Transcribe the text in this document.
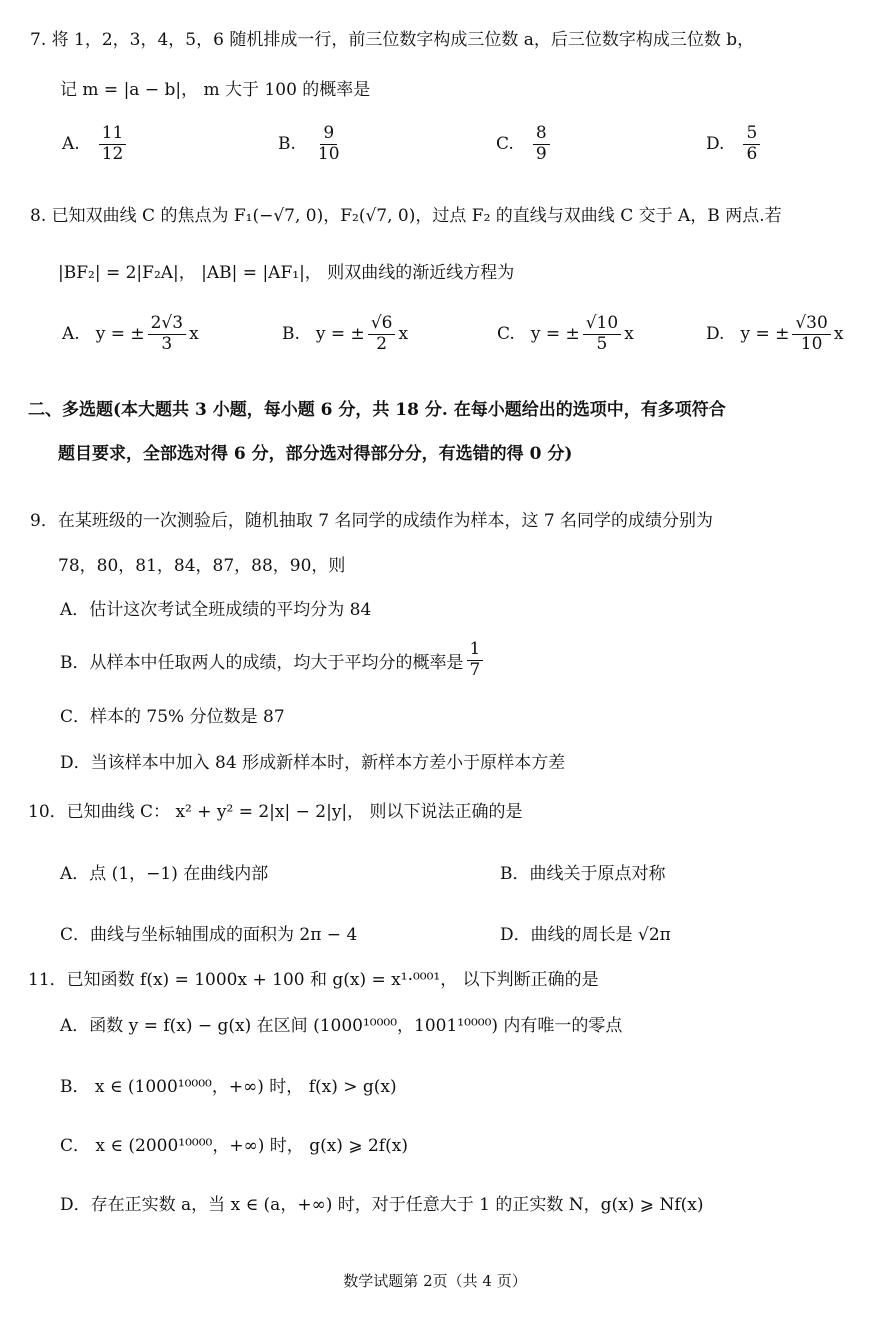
7. 将 1，2，3，4，5，6 随机排成一行，前三位数字构成三位数 a，后三位数字构成三位数 b，
记 m = |a − b|， m 大于 100 的概率是
A. $\frac{11}{12}$	B. $\frac{9}{10}$	C. $\frac{8}{9}$	D. $\frac{5}{6}$
8. 已知双曲线 C 的焦点为 F₁(−√7, 0)，F₂(√7, 0)，过点 F₂ 的直线与双曲线 C 交于 A，B 两点.若
|BF₂| = 2|F₂A|， |AB| = |AF₁|， 则双曲线的渐近线方程为
A. y = ± $\frac{2√3}{3}$ x	B. y = ± $\frac{√6}{2}$ x	C. y = ± $\frac{√10}{5}$ x	D. y = ± $\frac{√30}{10}$ x
二、多选题(本大题共 3 小题，每小题 6 分，共 18 分. 在每小题给出的选项中，有多项符合
题目要求，全部选对得 6 分，部分选对得部分分，有选错的得 0 分)
9．在某班级的一次测验后，随机抽取 7 名同学的成绩作为样本，这 7 名同学的成绩分别为
78，80，81，84，87，88，90，则
A．估计这次考试全班成绩的平均分为 84
B．从样本中任取两人的成绩，均大于平均分的概率是 $\frac{1}{7}$
C．样本的 75% 分位数是 87
D．当该样本中加入 84 形成新样本时，新样本方差小于原样本方差
10．已知曲线 C： x² + y² = 2|x| − 2|y|， 则以下说法正确的是
A．点 (1，−1) 在曲线内部	B．曲线关于原点对称
C．曲线与坐标轴围成的面积为 2π − 4	D．曲线的周长是 √2π
11．已知函数 f(x) = 1000x + 100 和 g(x) = x¹·⁰⁰⁰¹， 以下判断正确的是
A．函数 y = f(x) − g(x) 在区间 (1000¹⁰⁰⁰⁰，1001¹⁰⁰⁰⁰) 内有唯一的零点
B． x ∈ (1000¹⁰⁰⁰⁰，+∞) 时， f(x) > g(x)
C． x ∈ (2000¹⁰⁰⁰⁰，+∞) 时， g(x) ⩾ 2f(x)
D．存在正实数 a，当 x ∈ (a，+∞) 时，对于任意大于 1 的正实数 N，g(x) ⩾ Nf(x)
数学试题第 2页（共 4 页）
